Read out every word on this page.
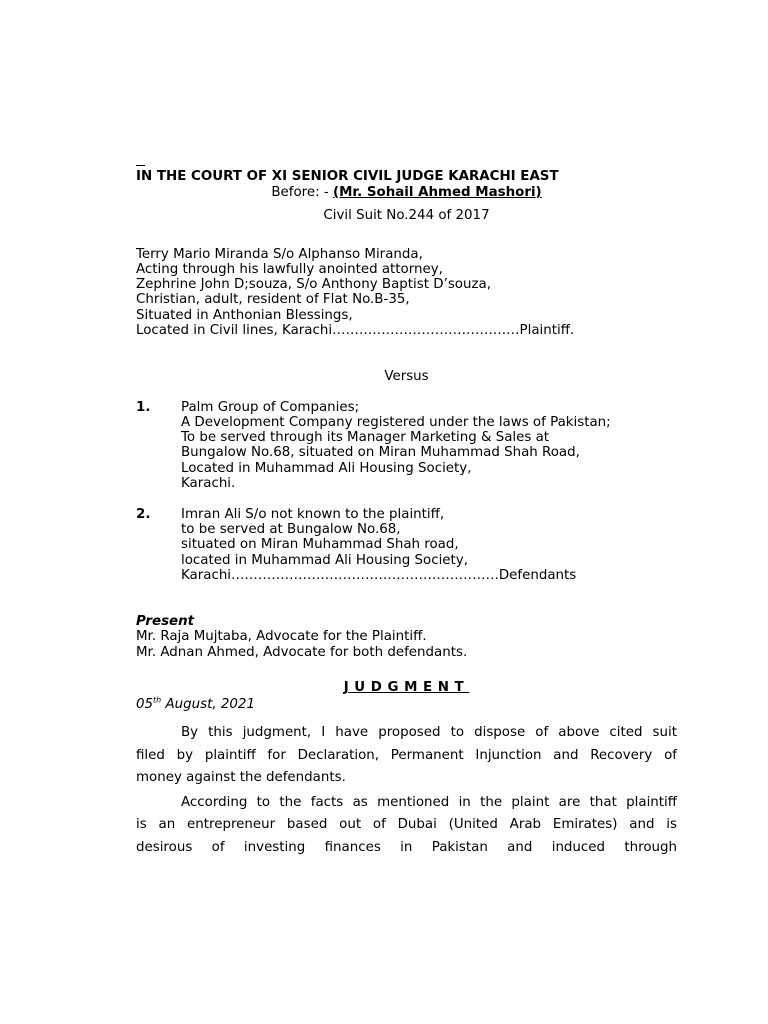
IN THE COURT OF XI SENIOR CIVIL JUDGE KARACHI EAST
Before: - (Mr. Sohail Ahmed Mashori)
Civil Suit No.244 of 2017
Terry Mario Miranda S/o Alphanso Miranda,
Acting through his lawfully anointed attorney,
Zephrine John D;souza, S/o Anthony Baptist D’souza,
Christian, adult, resident of Flat No.B-35,
Situated in Anthonian Blessings,
Located in Civil lines, Karachi……………………………………Plaintiff.
Versus
1. Palm Group of Companies;
A Development Company registered under the laws of Pakistan;
To be served through its Manager Marketing & Sales at
Bungalow No.68, situated on Miran Muhammad Shah Road,
Located in Muhammad Ali Housing Society,
Karachi.
2. Imran Ali S/o not known to the plaintiff,
to be served at Bungalow No.68,
situated on Miran Muhammad Shah road,
located in Muhammad Ali Housing Society,
Karachi……………………………………………………Defendants
Present
Mr. Raja Mujtaba, Advocate for the Plaintiff.
Mr. Adnan Ahmed, Advocate for both defendants.
JUDGMENT
05th August, 2021
By this judgment, I have proposed to dispose of above cited suit
filed by plaintiff for Declaration, Permanent Injunction and Recovery of
money against the defendants.
According to the facts as mentioned in the plaint are that plaintiff
is an entrepreneur based out of Dubai (United Arab Emirates) and is
desirous of investing finances in Pakistan and induced through
